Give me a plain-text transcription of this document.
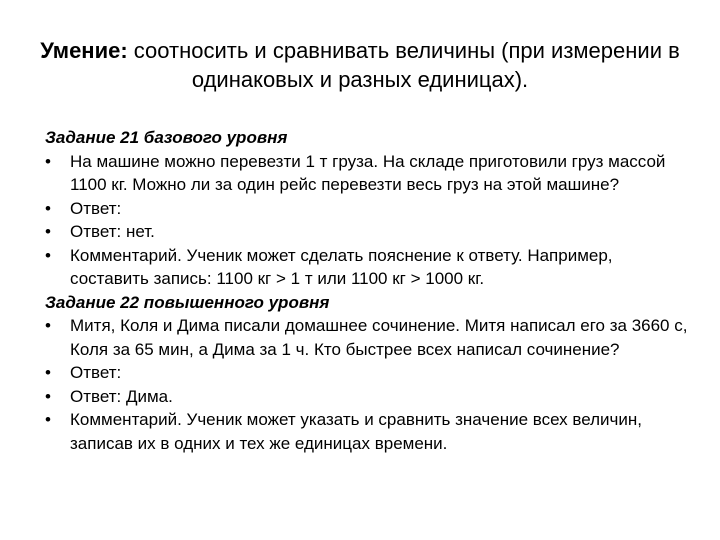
Умение: соотносить и сравнивать величины (при измерении в одинаковых и разных единицах).

Задание 21 базового уровня

•	На машине можно перевезти 1 т груза. На складе приготовили груз массой 1100 кг. Можно ли за один рейс перевезти весь груз на этой машине?
•	Ответ:
•	Ответ: нет.
•	Комментарий. Ученик может сделать пояснение к ответу. Например, составить запись: 1100 кг > 1 т или 1100 кг > 1000 кг.

Задание 22 повышенного уровня

•	Митя, Коля и Дима писали домашнее сочинение. Митя написал его за 3660 с, Коля за 65 мин, а Дима за 1 ч. Кто быстрее всех написал сочинение?
•	Ответ:
•	Ответ: Дима.
•	Комментарий. Ученик может указать и сравнить значение всех величин, записав их в одних и тех же единицах времени.
